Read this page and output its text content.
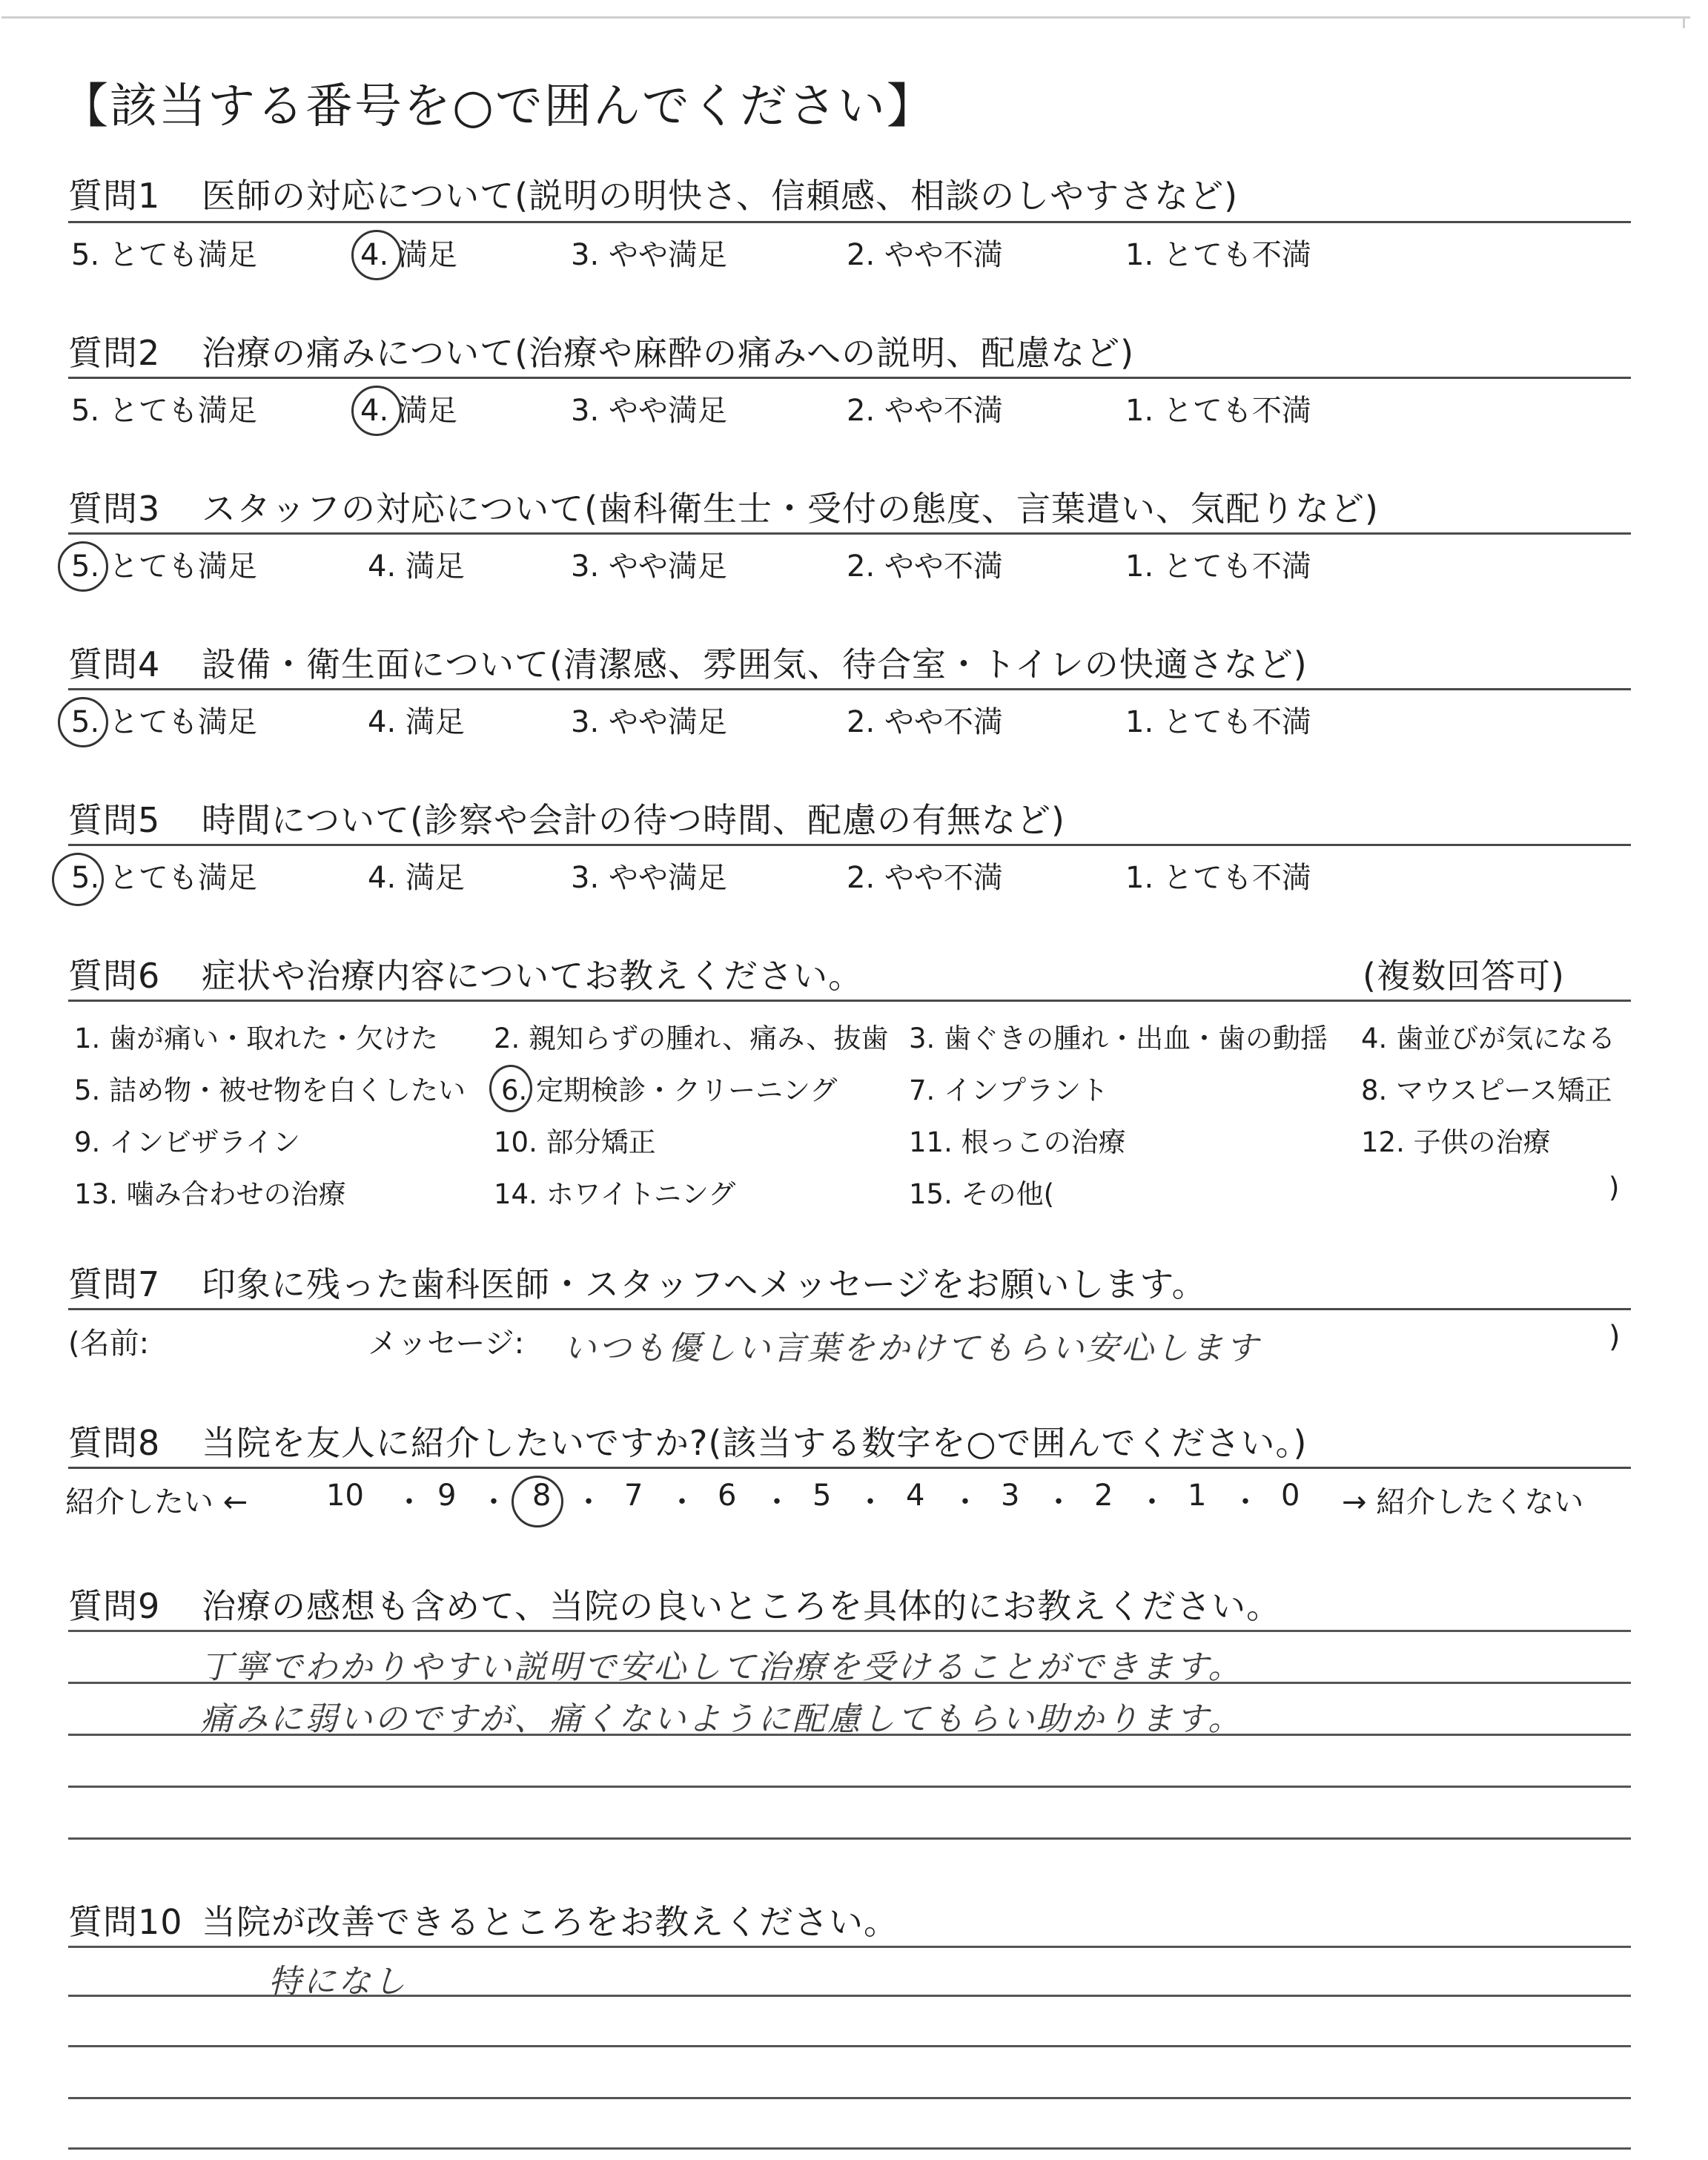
【該当する番号を○で囲んでください】
質問1 医師の対応について(説明の明快さ、信頼感、相談のしやすさなど)
5. とても満足	4. 満足	3. やや満足	2. やや不満	1. とても不満
質問2 治療の痛みについて(治療や麻酔の痛みへの説明、配慮など)
5. とても満足	4. 満足	3. やや満足	2. やや不満	1. とても不満
質問3 スタッフの対応について(歯科衛生士・受付の態度、言葉遣い、気配りなど)
5. とても満足	4. 満足	3. やや満足	2. やや不満	1. とても不満
質問4 設備・衛生面について(清潔感、雰囲気、待合室・トイレの快適さなど)
5. とても満足	4. 満足	3. やや満足	2. やや不満	1. とても不満
質問5 時間について(診察や会計の待つ時間、配慮の有無など)
5. とても満足	4. 満足	3. やや満足	2. やや不満	1. とても不満
質問6 症状や治療内容についてお教えください。	(複数回答可)
1. 歯が痛い・取れた・欠けた 2. 親知らずの腫れ、痛み、抜歯 3. 歯ぐきの腫れ・出血・歯の動揺 4. 歯並びが気になる
5. 詰め物・被せ物を白くしたい 6. 定期検診・クリーニング	7. インプラント	8. マウスピース矯正
9. インビザライン	10. 部分矯正	11. 根っこの治療	12. 子供の治療
13. 噛み合わせの治療	14. ホワイトニング	15. その他(	)
質問7 印象に残った歯科医師・スタッフへメッセージをお願いします。
(名前:	メッセージ: いつも優しい言葉をかけてもらい安心します	)
質問8 当院を友人に紹介したいですか?(該当する数字を○で囲んでください。)
紹介したい ←	10 ・ 9 ・ 8 ・ 7 ・ 6 ・ 5 ・ 4 ・ 3 ・ 2 ・ 1 ・ 0 → 紹介したくない
質問9 治療の感想も含めて、当院の良いところを具体的にお教えください。
丁寧でわかりやすい説明で安心して治療を受けることができます。
痛みに弱いのですが、痛くないように配慮してもらい助かります。
質問10 当院が改善できるところをお教えください。
特になし
